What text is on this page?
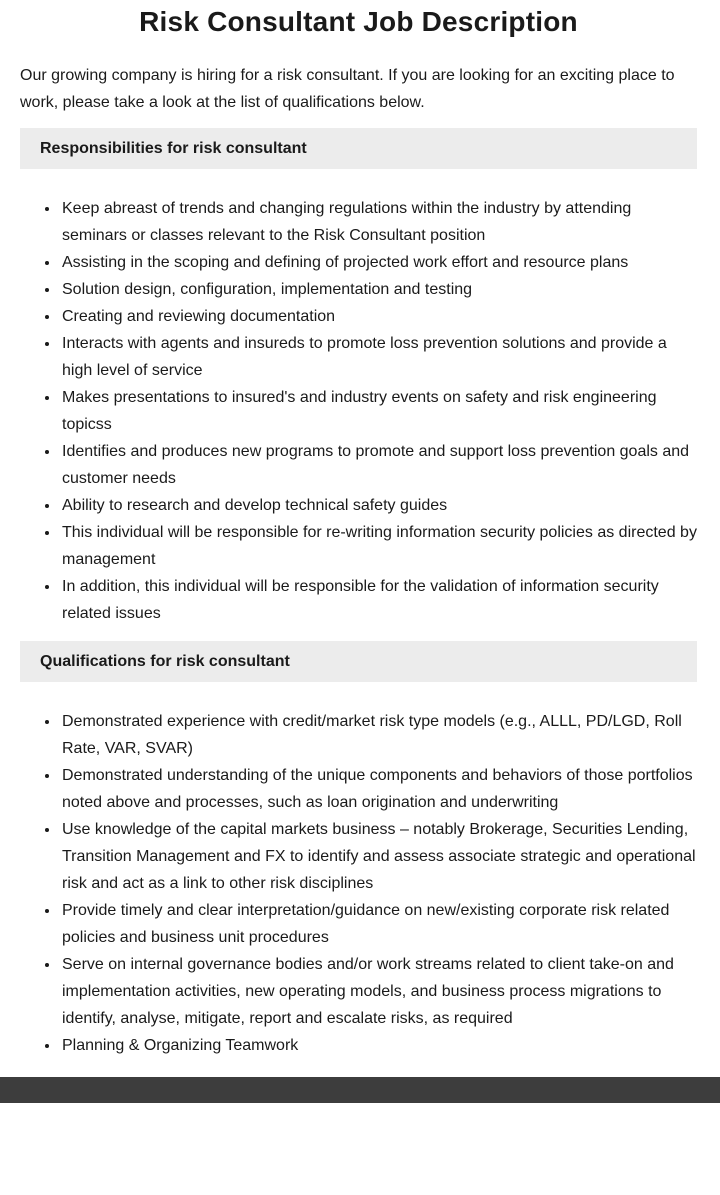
Risk Consultant Job Description

Our growing company is hiring for a risk consultant. If you are looking for an exciting place to work, please take a look at the list of qualifications below.

Responsibilities for risk consultant
• Keep abreast of trends and changing regulations within the industry by attending seminars or classes relevant to the Risk Consultant position
• Assisting in the scoping and defining of projected work effort and resource plans
• Solution design, configuration, implementation and testing
• Creating and reviewing documentation
• Interacts with agents and insureds to promote loss prevention solutions and provide a high level of service
• Makes presentations to insured's and industry events on safety and risk engineering topicss
• Identifies and produces new programs to promote and support loss prevention goals and customer needs
• Ability to research and develop technical safety guides
• This individual will be responsible for re-writing information security policies as directed by management
• In addition, this individual will be responsible for the validation of information security related issues
Qualifications for risk consultant
• Demonstrated experience with credit/market risk type models (e.g., ALLL, PD/LGD, Roll Rate, VAR, SVAR)
• Demonstrated understanding of the unique components and behaviors of those portfolios noted above and processes, such as loan origination and underwriting
• Use knowledge of the capital markets business – notably Brokerage, Securities Lending, Transition Management and FX to identify and assess associate strategic and operational risk and act as a link to other risk disciplines
• Provide timely and clear interpretation/guidance on new/existing corporate risk related policies and business unit procedures
• Serve on internal governance bodies and/or work streams related to client take-on and implementation activities, new operating models, and business process migrations to identify, analyse, mitigate, report and escalate risks, as required
• Planning & Organizing Teamwork
